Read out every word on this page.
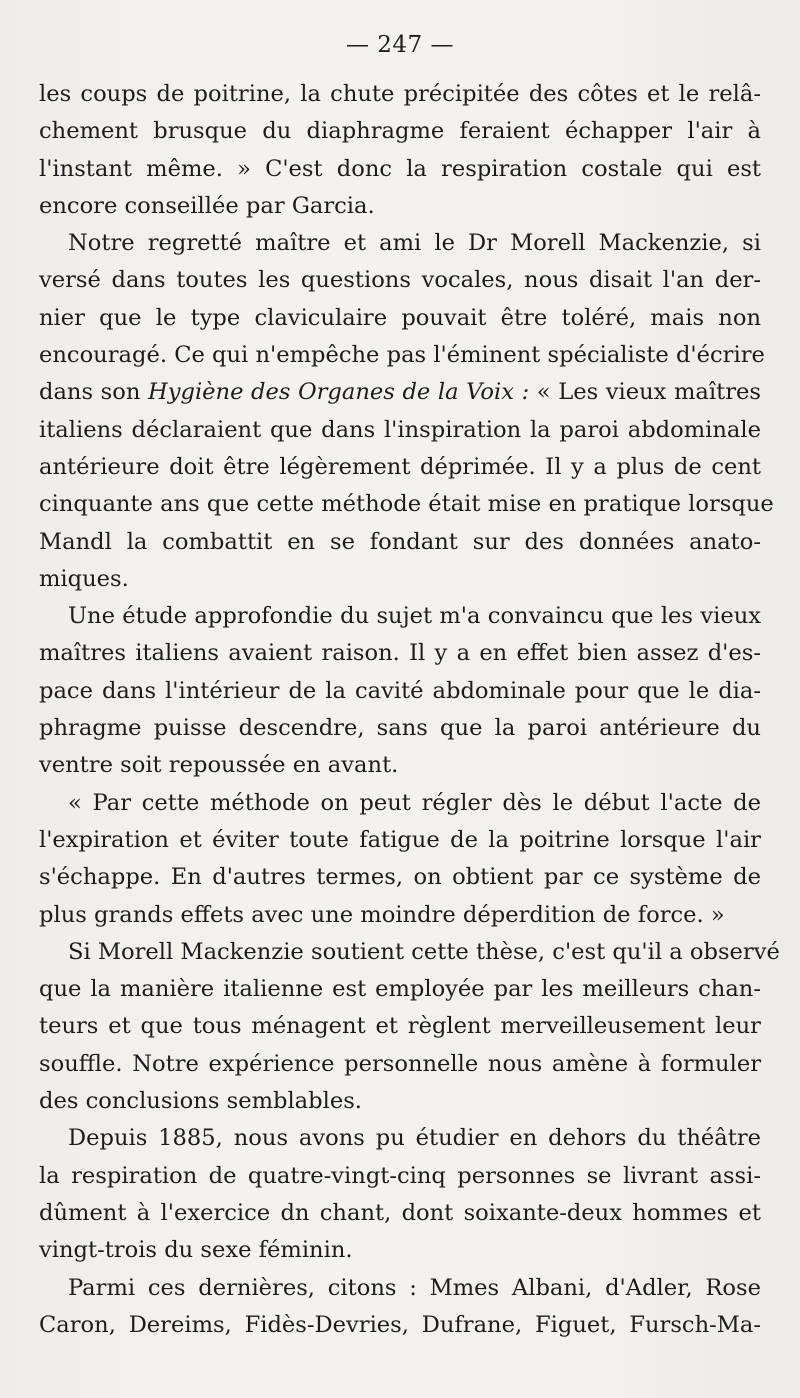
— 247 —
les coups de poitrine, la chute précipitée des côtes et le relâ-
chement brusque du diaphragme feraient échapper l'air à
l'instant même. » C'est donc la respiration costale qui est
encore conseillée par Garcia.
Notre regretté maître et ami le Dr Morell Mackenzie, si
versé dans toutes les questions vocales, nous disait l'an der-
nier que le type claviculaire pouvait être toléré, mais non
encouragé. Ce qui n'empêche pas l'éminent spécialiste d'écrire
dans son Hygiène des Organes de la Voix : « Les vieux maîtres
italiens déclaraient que dans l'inspiration la paroi abdominale
antérieure doit être légèrement déprimée. Il y a plus de cent
cinquante ans que cette méthode était mise en pratique lorsque
Mandl la combattit en se fondant sur des données anato-
miques.
Une étude approfondie du sujet m'a convaincu que les vieux
maîtres italiens avaient raison. Il y a en effet bien assez d'es-
pace dans l'intérieur de la cavité abdominale pour que le dia-
phragme puisse descendre, sans que la paroi antérieure du
ventre soit repoussée en avant.
« Par cette méthode on peut régler dès le début l'acte de
l'expiration et éviter toute fatigue de la poitrine lorsque l'air
s'échappe. En d'autres termes, on obtient par ce système de
plus grands effets avec une moindre déperdition de force. »
Si Morell Mackenzie soutient cette thèse, c'est qu'il a observé
que la manière italienne est employée par les meilleurs chan-
teurs et que tous ménagent et règlent merveilleusement leur
souffle. Notre expérience personnelle nous amène à formuler
des conclusions semblables.
Depuis 1885, nous avons pu étudier en dehors du théâtre
la respiration de quatre-vingt-cinq personnes se livrant assi-
dûment à l'exercice dn chant, dont soixante-deux hommes et
vingt-trois du sexe féminin.
Parmi ces dernières, citons : Mmes Albani, d'Adler, Rose
Caron, Dereims, Fidès-Devries, Dufrane, Figuet, Fursch-Ma-
